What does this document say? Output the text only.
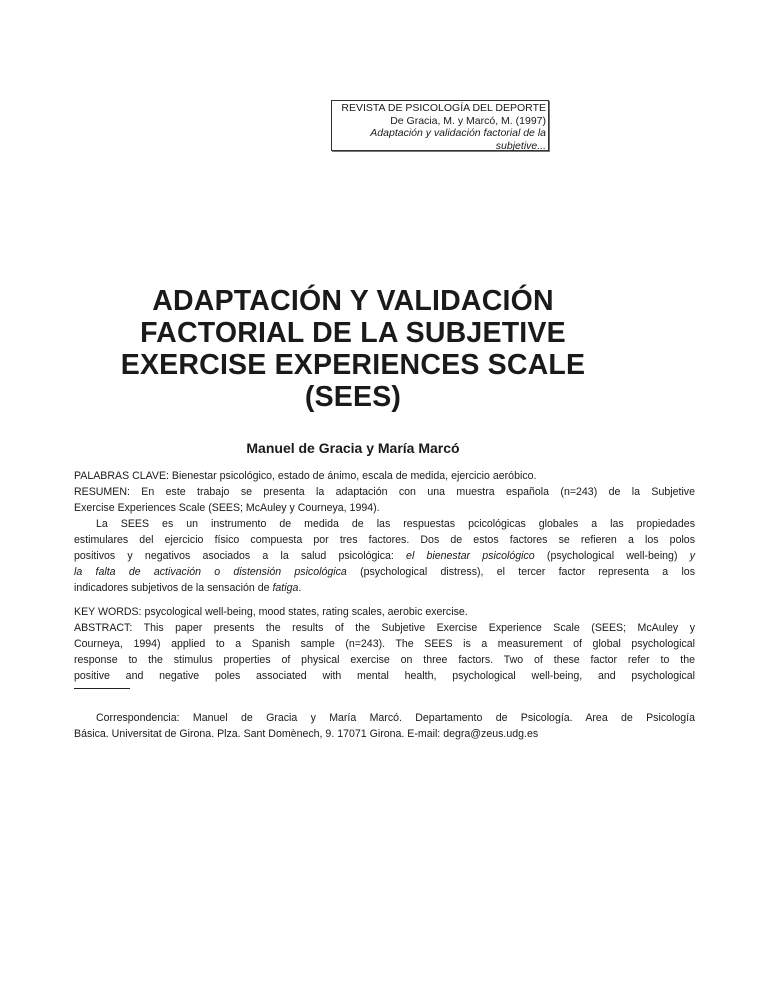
REVISTA DE PSICOLOGÍA DEL DEPORTE
De Gracia, M. y Marcó, M. (1997)
Adaptación y validación factorial de la
subjetive...
ADAPTACIÓN Y VALIDACIÓN
FACTORIAL DE LA SUBJETIVE
EXERCISE EXPERIENCES SCALE
(SEES)
Manuel de Gracia y María Marcó
PALABRAS CLAVE: Bienestar psicológico, estado de ánimo, escala de medida, ejercicio aeróbico.
RESUMEN: En este trabajo se presenta la adaptación con una muestra española (n=243) de la Subjetive
Exercise Experiences Scale (SEES; McAuley y Courneya, 1994).
La SEES es un instrumento de medida de las respuestas pcicológicas globales a las propiedades
estimulares del ejercicio físico compuesta por tres factores. Dos de estos factores se refieren a los polos
positivos y negativos asociados a la salud psicológica: el bienestar psicológico (psychological well-being) y
la falta de activación o distensión psicológica (psychological distress), el tercer factor representa a los
indicadores subjetivos de la sensación de fatiga.
KEY WORDS: psycological well-being, mood states, rating scales, aerobic exercise.
ABSTRACT: This paper presents the results of the Subjetive Exercise Experience Scale (SEES; McAuley y
Courneya, 1994) applied to a Spanish sample (n=243). The SEES is a measurement of global psychological
response to the stimulus properties of physical exercise on three factors. Two of these factor refer to the
positive and negative poles associated with mental health, psychological well-being, and psychological
Correspondencia: Manuel de Gracia y María Marcó. Departamento de Psicología. Area de Psicología
Básica. Universitat de Girona. Plza. Sant Domènech, 9. 17071 Girona. E-mail: degra@zeus.udg.es
